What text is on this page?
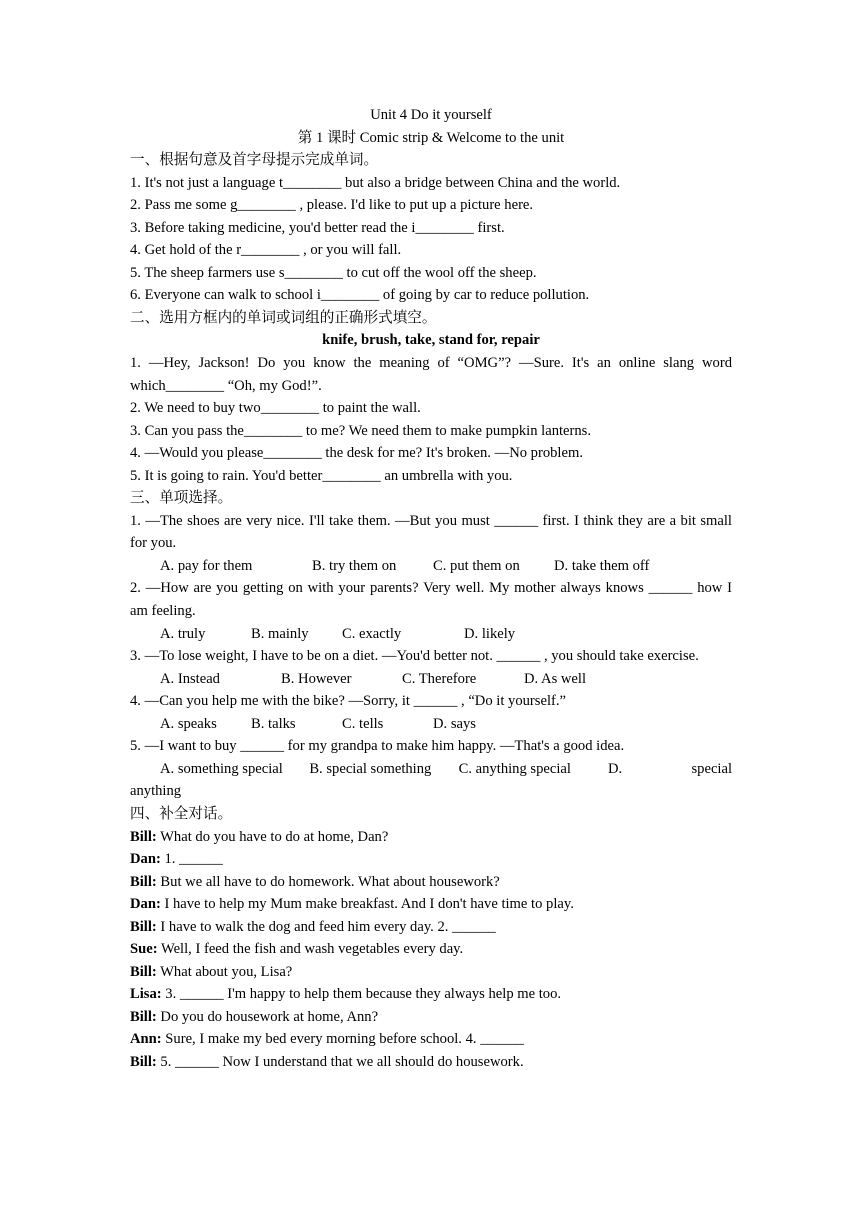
Unit 4 Do it yourself

第 1 课时 Comic strip & Welcome to the unit

一、根据句意及首字母提示完成单词。

1. It's not just a language t________ but also a bridge between China and the world.

2. Pass me some g________ , please. I'd like to put up a picture here.

3. Before taking medicine, you'd better read the i________ first.

4. Get hold of the r________ , or you will fall.

5. The sheep farmers use s________ to cut off the wool off the sheep.

6. Everyone can walk to school i________ of going by car to reduce pollution.

二、选用方框内的单词或词组的正确形式填空。

knife, brush, take, stand for, repair

1. —Hey, Jackson! Do you know the meaning of “OMG”? —Sure. It's an online slang word which________ “Oh, my God!”.

2. We need to buy two________ to paint the wall.

3. Can you pass the________ to me? We need them to make pumpkin lanterns.

4. —Would you please________ the desk for me? It's broken. —No problem.

5. It is going to rain. You'd better________ an umbrella with you.

三、单项选择。

1. —The shoes are very nice. I'll take them. —But you must ______ first. I think they are a bit small for you.

A. pay for them	B. try them on	C. put them on	D. take them off

2. —How are you getting on with your parents? Very well. My mother always knows ______ how I am feeling.

A. truly	B. mainly	C. exactly	D. likely

3. —To lose weight, I have to be on a diet. —You'd better not. ______ , you should take exercise.

A. Instead	B. However	C. Therefore	D. As well

4. —Can you help me with the bike? —Sorry, it ______ , “Do it yourself.”

A. speaks	B. talks	C. tells	D. says

5. —I want to buy ______ for my grandpa to make him happy. —That's a good idea.

A. something special	B. special something	C. anything special	D.	special

anything

四、补全对话。

Bill: What do you have to do at home, Dan?

Dan: 1. ______

Bill: But we all have to do homework. What about housework?

Dan: I have to help my Mum make breakfast. And I don't have time to play.

Bill: I have to walk the dog and feed him every day. 2. ______

Sue: Well, I feed the fish and wash vegetables every day.

Bill: What about you, Lisa?

Lisa: 3. ______ I'm happy to help them because they always help me too.

Bill: Do you do housework at home, Ann?

Ann: Sure, I make my bed every morning before school. 4. ______

Bill: 5. ______ Now I understand that we all should do housework.
